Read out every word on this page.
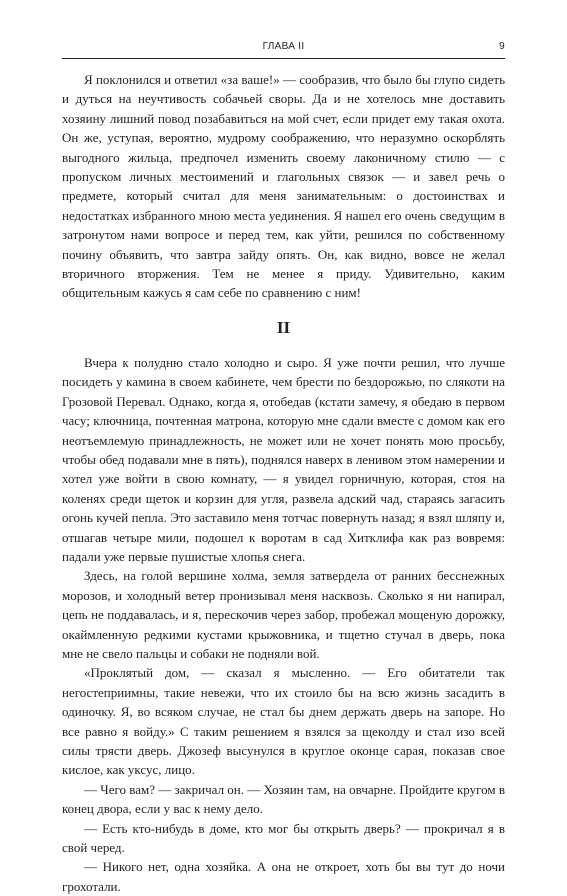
ГЛАВА II	9

Я поклонился и ответил «за ваше!» — сообразив, что было бы глупо сидеть и дуться на неучтивость собачьей своры. Да и не хотелось мне доставить хозяину лишний повод позабавиться на мой счет, если придет ему такая охота. Он же, уступая, вероятно, мудрому соображению, что неразумно оскорблять выгодного жильца, предпочел изменить своему лаконичному стилю — с пропуском личных местоимений и глагольных связок — и завел речь о предмете, который считал для меня занимательным: о достоинствах и недостатках избранного мною места уединения. Я нашел его очень сведущим в затронутом нами вопросе и перед тем, как уйти, решился по собственному почину объявить, что завтра зайду опять. Он, как видно, вовсе не желал вторичного вторжения. Тем не менее я приду. Удивительно, каким общительным кажусь я сам себе по сравнению с ним!

II

Вчера к полудню стало холодно и сыро. Я уже почти решил, что лучше посидеть у камина в своем кабинете, чем брести по бездорожью, по слякоти на Грозовой Перевал. Однако, когда я, отобедав (кстати замечу, я обедаю в первом часу; ключница, почтенная матрона, которую мне сдали вместе с домом как его неотъемлемую принадлежность, не может или не хочет понять мою просьбу, чтобы обед подавали мне в пять), поднялся наверх в ленивом этом намерении и хотел уже войти в свою комнату, — я увидел горничную, которая, стоя на коленях среди щеток и корзин для угля, развела адский чад, стараясь загасить огонь кучей пепла. Это заставило меня тотчас повернуть назад; я взял шляпу и, отшагав четыре мили, подошел к воротам в сад Хитклифа как раз вовремя: падали уже первые пушистые хлопья снега.

Здесь, на голой вершине холма, земля затвердела от ранних бесснежных морозов, и холодный ветер пронизывал меня насквозь. Сколько я ни напирал, цепь не поддавалась, и я, перескочив через забор, пробежал мощеную дорожку, окаймленную редкими кустами крыжовника, и тщетно стучал в дверь, пока мне не свело пальцы и собаки не подняли вой.

«Проклятый дом, — сказал я мысленно. — Его обитатели так негостеприимны, такие невежи, что их стоило бы на всю жизнь засадить в одиночку. Я, во всяком случае, не стал бы днем держать дверь на запоре. Но все равно я войду.» С таким решением я взялся за щеколду и стал изо всей силы трясти дверь. Джозеф высунулся в круглое оконце сарая, показав свое кислое, как уксус, лицо.

— Чего вам? — закричал он. — Хозяин там, на овчарне. Пройдите кругом в конец двора, если у вас к нему дело.

— Есть кто-нибудь в доме, кто мог бы открыть дверь? — прокричал я в свой черед.

— Никого нет, одна хозяйка. А она не откроет, хоть бы вы тут до ночи грохотали.
